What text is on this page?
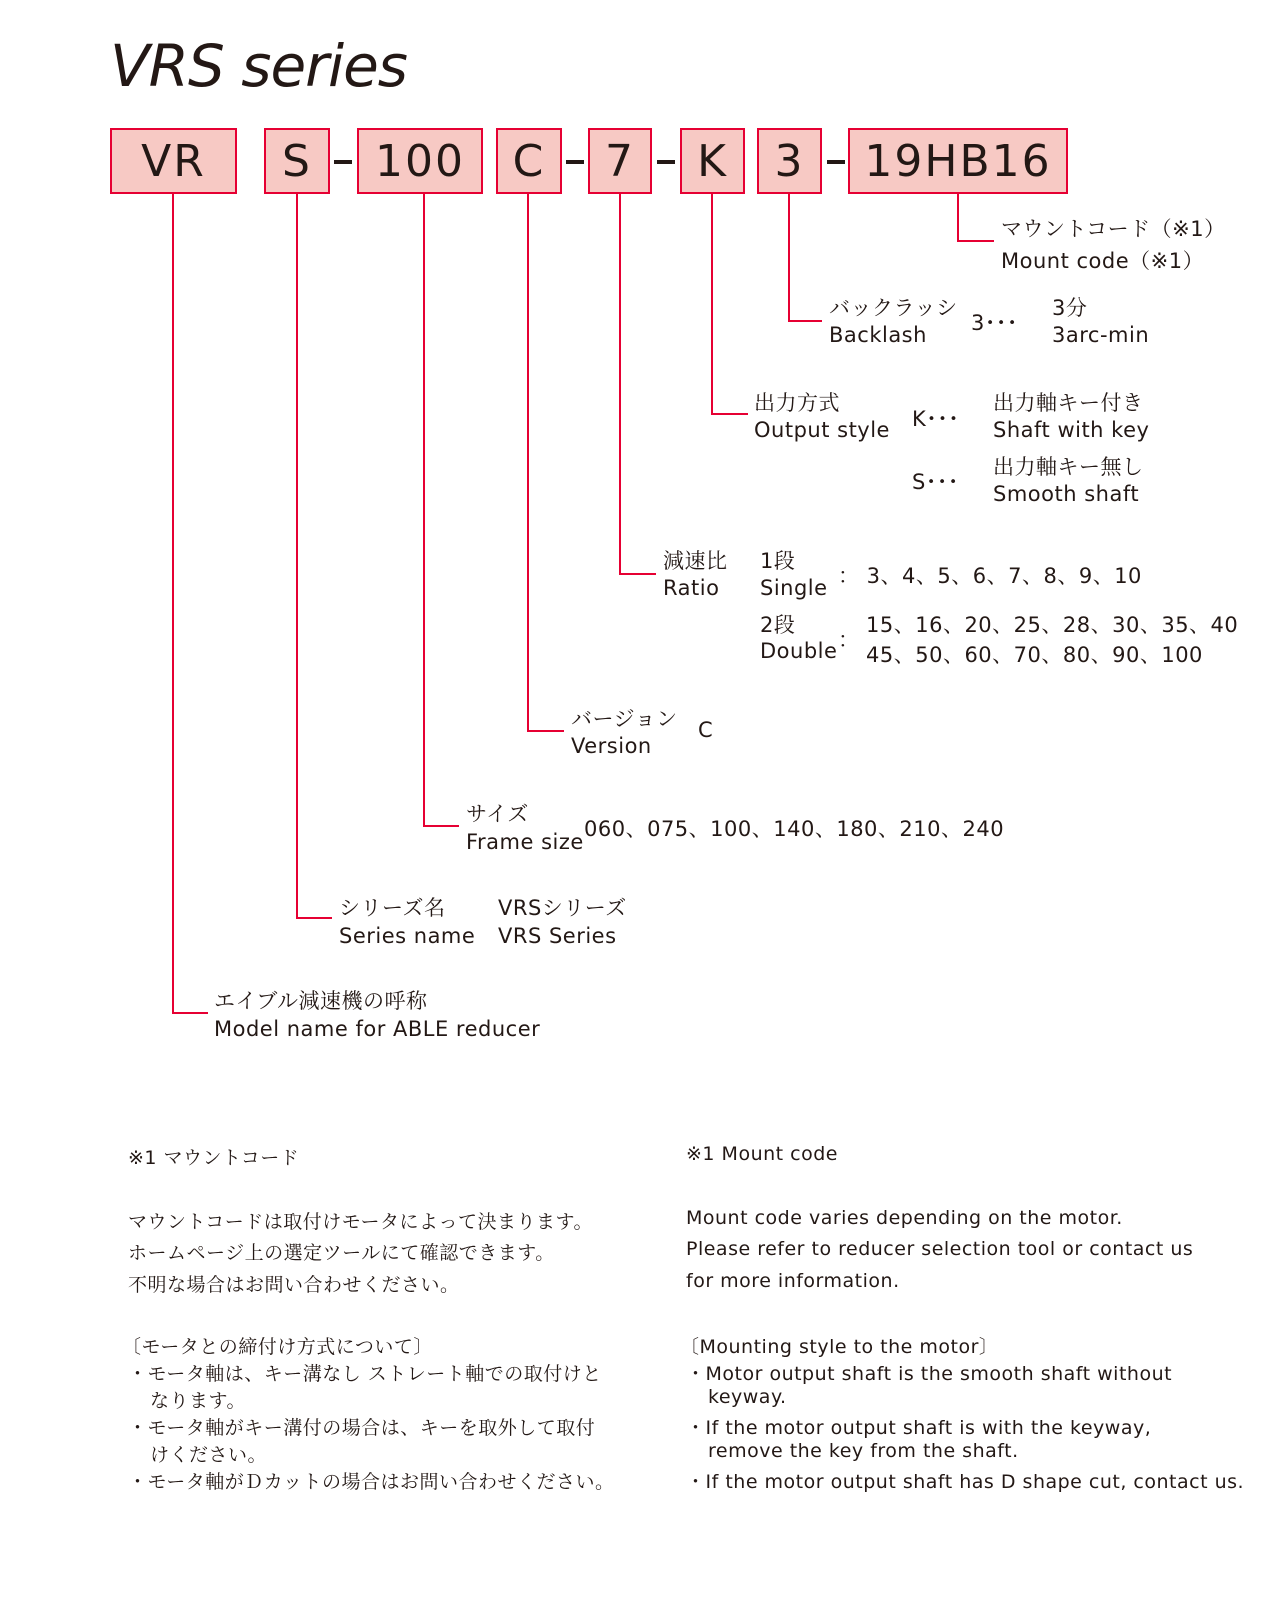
VRS series
VR	S	100	C	7	K	3	19HB16
マウントコード（※1）
Mount code（※1）
バックラッシ
Backlash 3･･･
3分
3arc-min
出力方式
Output style K･･･
出力軸キー付き
Shaft with key
S･･･
出力軸キー無し
Smooth shaft
減速比
Ratio
1段
Single ： 3、4、5、6、7、8、9、10
2段
Double ：
15、16、20、25、28、30、35、40
45、50、60、70、80、90、100
バージョン
Version
C
サイズ
Frame size
060、075、100、140、180、210、240
シリーズ名
Series name
VRSシリーズ
VRS Series
エイブル減速機の呼称
Model name for ABLE reducer
※1 マウントコード
マウントコードは取付けモータによって決まります。
ホームページ上の選定ツールにて確認できます。
不明な場合はお問い合わせください。
〔モータとの締付け方式について〕
・モータ軸は、キー溝なし ストレート軸での取付けと
なります。
・モータ軸がキー溝付の場合は、キーを取外して取付
けください。
・モータ軸がＤカットの場合はお問い合わせください。
※1 Mount code
Mount code varies depending on the motor.
Please refer to reducer selection tool or contact us
for more information.
〔Mounting style to the motor〕
・Motor output shaft is the smooth shaft without
keyway.
・If the motor output shaft is with the keyway,
remove the key from the shaft.
・If the motor output shaft has D shape cut, contact us.
